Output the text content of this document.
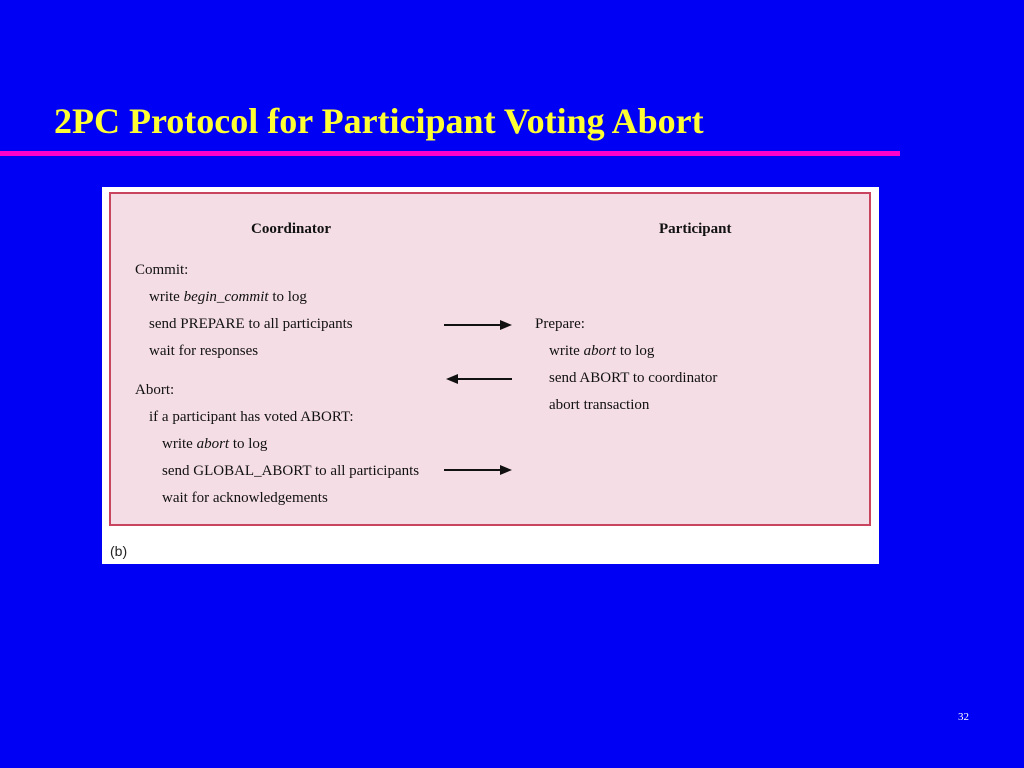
2PC Protocol for Participant Voting Abort
Coordinator	Participant
Commit:
write begin_commit to log
send PREPARE to all participants
wait for responses
Abort:
if a participant has voted ABORT:
write abort to log
send GLOBAL_ABORT to all participants
wait for acknowledgements
Prepare:
write abort to log
send ABORT to coordinator
abort transaction
(b)
32
